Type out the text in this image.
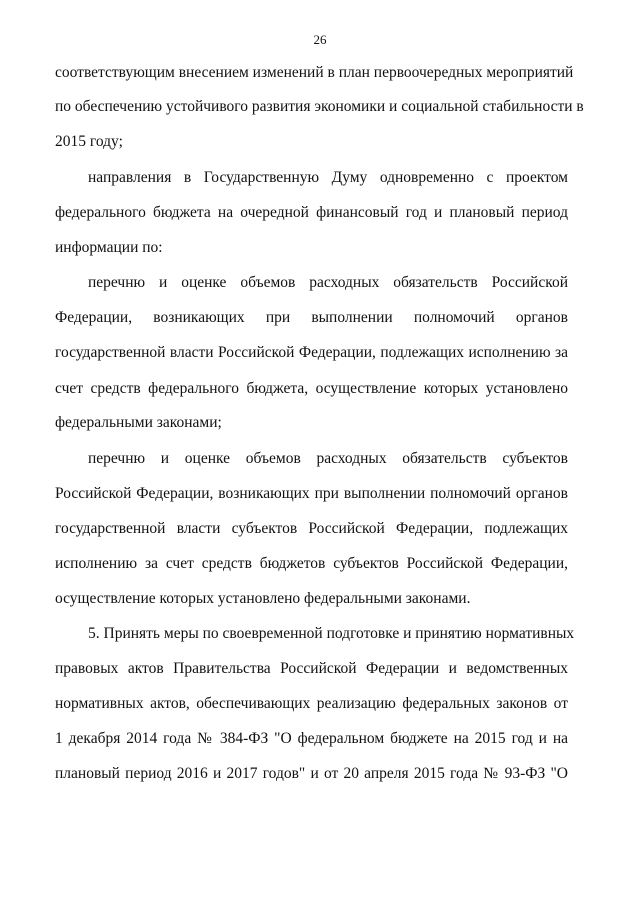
26
соответствующим внесением изменений в план первоочередных мероприятий
по обеспечению устойчивого развития экономики и социальной стабильности в
2015 году;
направления в Государственную Думу одновременно с проектом
федерального бюджета на очередной финансовый год и плановый период
информации по:
перечню и оценке объемов расходных обязательств Российской
Федерации, возникающих при выполнении полномочий органов
государственной власти Российской Федерации, подлежащих исполнению за
счет средств федерального бюджета, осуществление которых установлено
федеральными законами;
перечню и оценке объемов расходных обязательств субъектов
Российской Федерации, возникающих при выполнении полномочий органов
государственной власти субъектов Российской Федерации, подлежащих
исполнению за счет средств бюджетов субъектов Российской Федерации,
осуществление которых установлено федеральными законами.
5. Принять меры по своевременной подготовке и принятию нормативных
правовых актов Правительства Российской Федерации и ведомственных
нормативных актов, обеспечивающих реализацию федеральных законов от
1 декабря 2014 года № 384-ФЗ "О федеральном бюджете на 2015 год и на
плановый период 2016 и 2017 годов" и от 20 апреля 2015 года № 93-ФЗ "О
